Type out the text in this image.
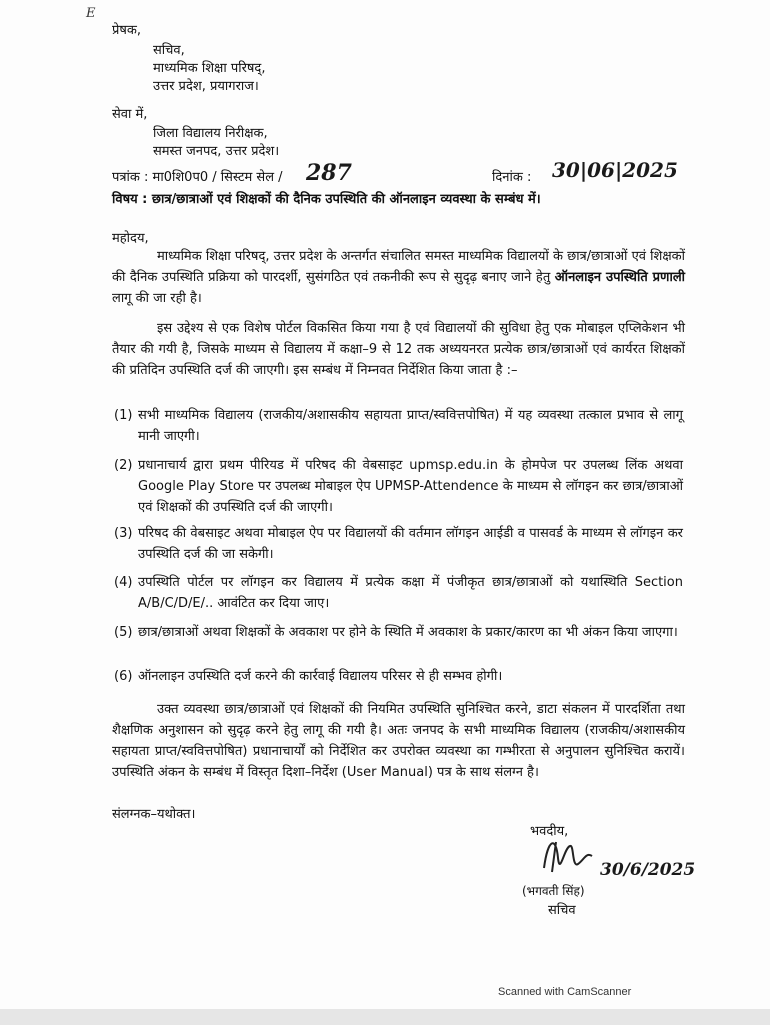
E
प्रेषक,
सचिव,
माध्यमिक शिक्षा परिषद्,
उत्तर प्रदेश, प्रयागराज।
सेवा में,
जिला विद्यालय निरीक्षक,
समस्त जनपद, उत्तर प्रदेश।
पत्रांक : मा0शि0प0 / सिस्टम सेल / 287	दिनांक : 30|06|2025
विषय : छात्र/छात्राओं एवं शिक्षकों की दैनिक उपस्थिति की ऑनलाइन व्यवस्था के सम्बंध में।
महोदय,
माध्यमिक शिक्षा परिषद्, उत्तर प्रदेश के अन्तर्गत संचालित समस्त माध्यमिक विद्यालयों के छात्र/छात्राओं एवं शिक्षकों की दैनिक उपस्थिति प्रक्रिया को पारदर्शी, सुसंगठित एवं तकनीकी रूप से सुदृढ़ बनाए जाने हेतु ऑनलाइन उपस्थिति प्रणाली लागू की जा रही है।
इस उद्देश्य से एक विशेष पोर्टल विकसित किया गया है एवं विद्यालयों की सुविधा हेतु एक मोबाइल एप्लिकेशन भी तैयार की गयी है, जिसके माध्यम से विद्यालय में कक्षा–9 से 12 तक अध्ययनरत प्रत्येक छात्र/छात्राओं एवं कार्यरत शिक्षकों की प्रतिदिन उपस्थिति दर्ज की जाएगी। इस सम्बंध में निम्नवत निर्देशित किया जाता है :–
(1) सभी माध्यमिक विद्यालय (राजकीय/अशासकीय सहायता प्राप्त/स्ववित्तपोषित) में यह व्यवस्था तत्काल प्रभाव से लागू मानी जाएगी।
(2) प्रधानाचार्य द्वारा प्रथम पीरियड में परिषद की वेबसाइट upmsp.edu.in के होमपेज पर उपलब्ध लिंक अथवा Google Play Store पर उपलब्ध मोबाइल ऐप UPMSP-Attendence के माध्यम से लॉगइन कर छात्र/छात्राओं एवं शिक्षकों की उपस्थिति दर्ज की जाएगी।
(3) परिषद की वेबसाइट अथवा मोबाइल ऐप पर विद्यालयों की वर्तमान लॉगइन आईडी व पासवर्ड के माध्यम से लॉगइन कर उपस्थिति दर्ज की जा सकेगी।
(4) उपस्थिति पोर्टल पर लॉगइन कर विद्यालय में प्रत्येक कक्षा में पंजीकृत छात्र/छात्राओं को यथास्थिति Section A/B/C/D/E/.. आवंटित कर दिया जाए।
(5) छात्र/छात्राओं अथवा शिक्षकों के अवकाश पर होने के स्थिति में अवकाश के प्रकार/कारण का भी अंकन किया जाएगा।
(6) ऑनलाइन उपस्थिति दर्ज करने की कार्रवाई विद्यालय परिसर से ही सम्भव होगी।
उक्त व्यवस्था छात्र/छात्राओं एवं शिक्षकों की नियमित उपस्थिति सुनिश्चित करने, डाटा संकलन में पारदर्शिता तथा शैक्षणिक अनुशासन को सुदृढ़ करने हेतु लागू की गयी है। अतः जनपद के सभी माध्यमिक विद्यालय (राजकीय/अशासकीय सहायता प्राप्त/स्ववित्तपोषित) प्रधानाचार्यों को निर्देशित कर उपरोक्त व्यवस्था का गम्भीरता से अनुपालन सुनिश्चित करायें। उपस्थिति अंकन के सम्बंध में विस्तृत दिशा–निर्देश (User Manual) पत्र के साथ संलग्न है।
संलग्नक–यथोक्त।
भवदीय,
30/6/2025
(भगवती सिंह)
सचिव
Scanned with CamScanner
